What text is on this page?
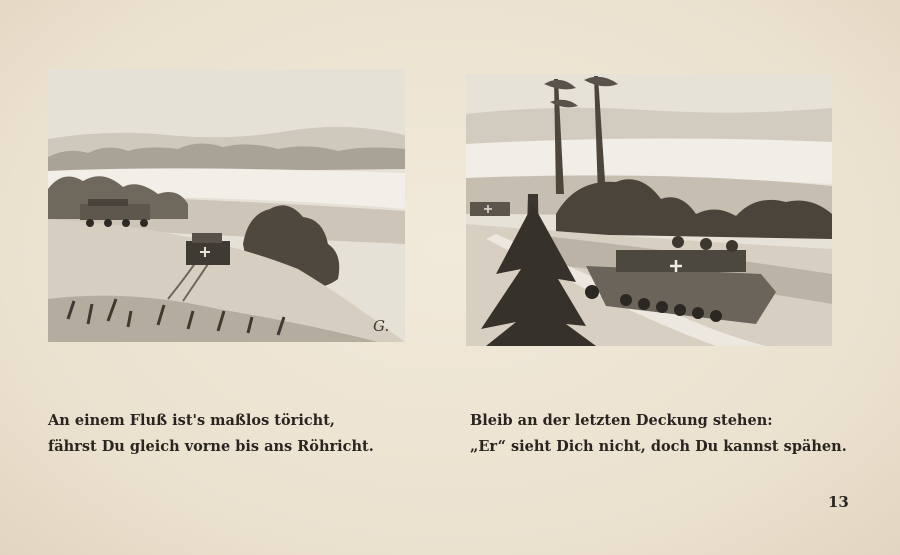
G.
An einem Fluß ist's maßlos töricht,
fährst Du gleich vorne bis ans Röhricht.
Bleib an der letzten Deckung stehen:
„Er“ sieht Dich nicht, doch Du kannst spähen.
13
